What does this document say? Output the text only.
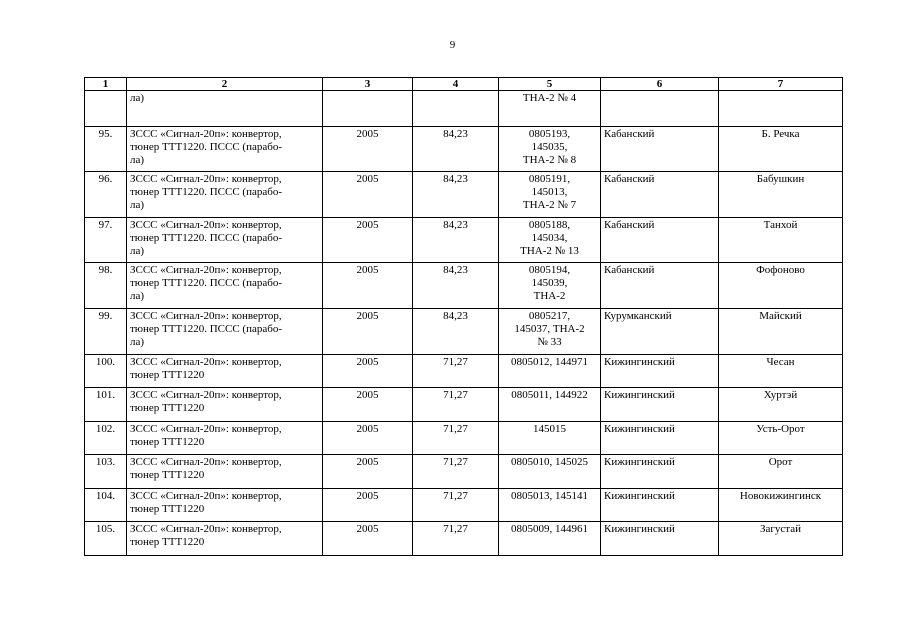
9
1	2	3	4	5	6	7

	ла)			ТНА-2 № 4		

95.	ЗССС «Сигнал-20п»: конвертор,
тюнер ТТТ1220. ПССС (парабо-
ла)	2005	84,23	0805193,
145035,
ТНА-2 № 8	Кабанский	Б. Речка
96.	ЗССС «Сигнал-20п»: конвертор,
тюнер ТТТ1220. ПССС (парабо-
ла)	2005	84,23	0805191,
145013,
ТНА-2 № 7	Кабанский	Бабушкин
97.	ЗССС «Сигнал-20п»: конвертор,
тюнер ТТТ1220. ПССС (парабо-
ла)	2005	84,23	0805188,
145034,
ТНА-2 № 13	Кабанский	Танхой
98.	ЗССС «Сигнал-20п»: конвертор,
тюнер ТТТ1220. ПССС (парабо-
ла)	2005	84,23	0805194,
145039,
ТНА-2	Кабанский	Фофоново
99.	ЗССС «Сигнал-20п»: конвертор,
тюнер ТТТ1220. ПССС (парабо-
ла)	2005	84,23	0805217,
145037, ТНА-2
№ 33	Курумканский	Майский
100.	ЗССС «Сигнал-20п»: конвертор,
тюнер ТТТ1220	2005	71,27	0805012, 144971	Кижингинский	Чесан
101.	ЗССС «Сигнал-20п»: конвертор,
тюнер ТТТ1220	2005	71,27	0805011, 144922	Кижингинский	Хуртэй
102.	ЗССС «Сигнал-20п»: конвертор,
тюнер ТТТ1220	2005	71,27	145015	Кижингинский	Усть-Орот
103.	ЗССС «Сигнал-20п»: конвертор,
тюнер ТТТ1220	2005	71,27	0805010, 145025	Кижингинский	Орот
104.	ЗССС «Сигнал-20п»: конвертор,
тюнер ТТТ1220	2005	71,27	0805013, 145141	Кижингинский	Новокижингинск
105.	ЗССС «Сигнал-20п»: конвертор,
тюнер ТТТ1220	2005	71,27	0805009, 144961	Кижингинский	Загустай
